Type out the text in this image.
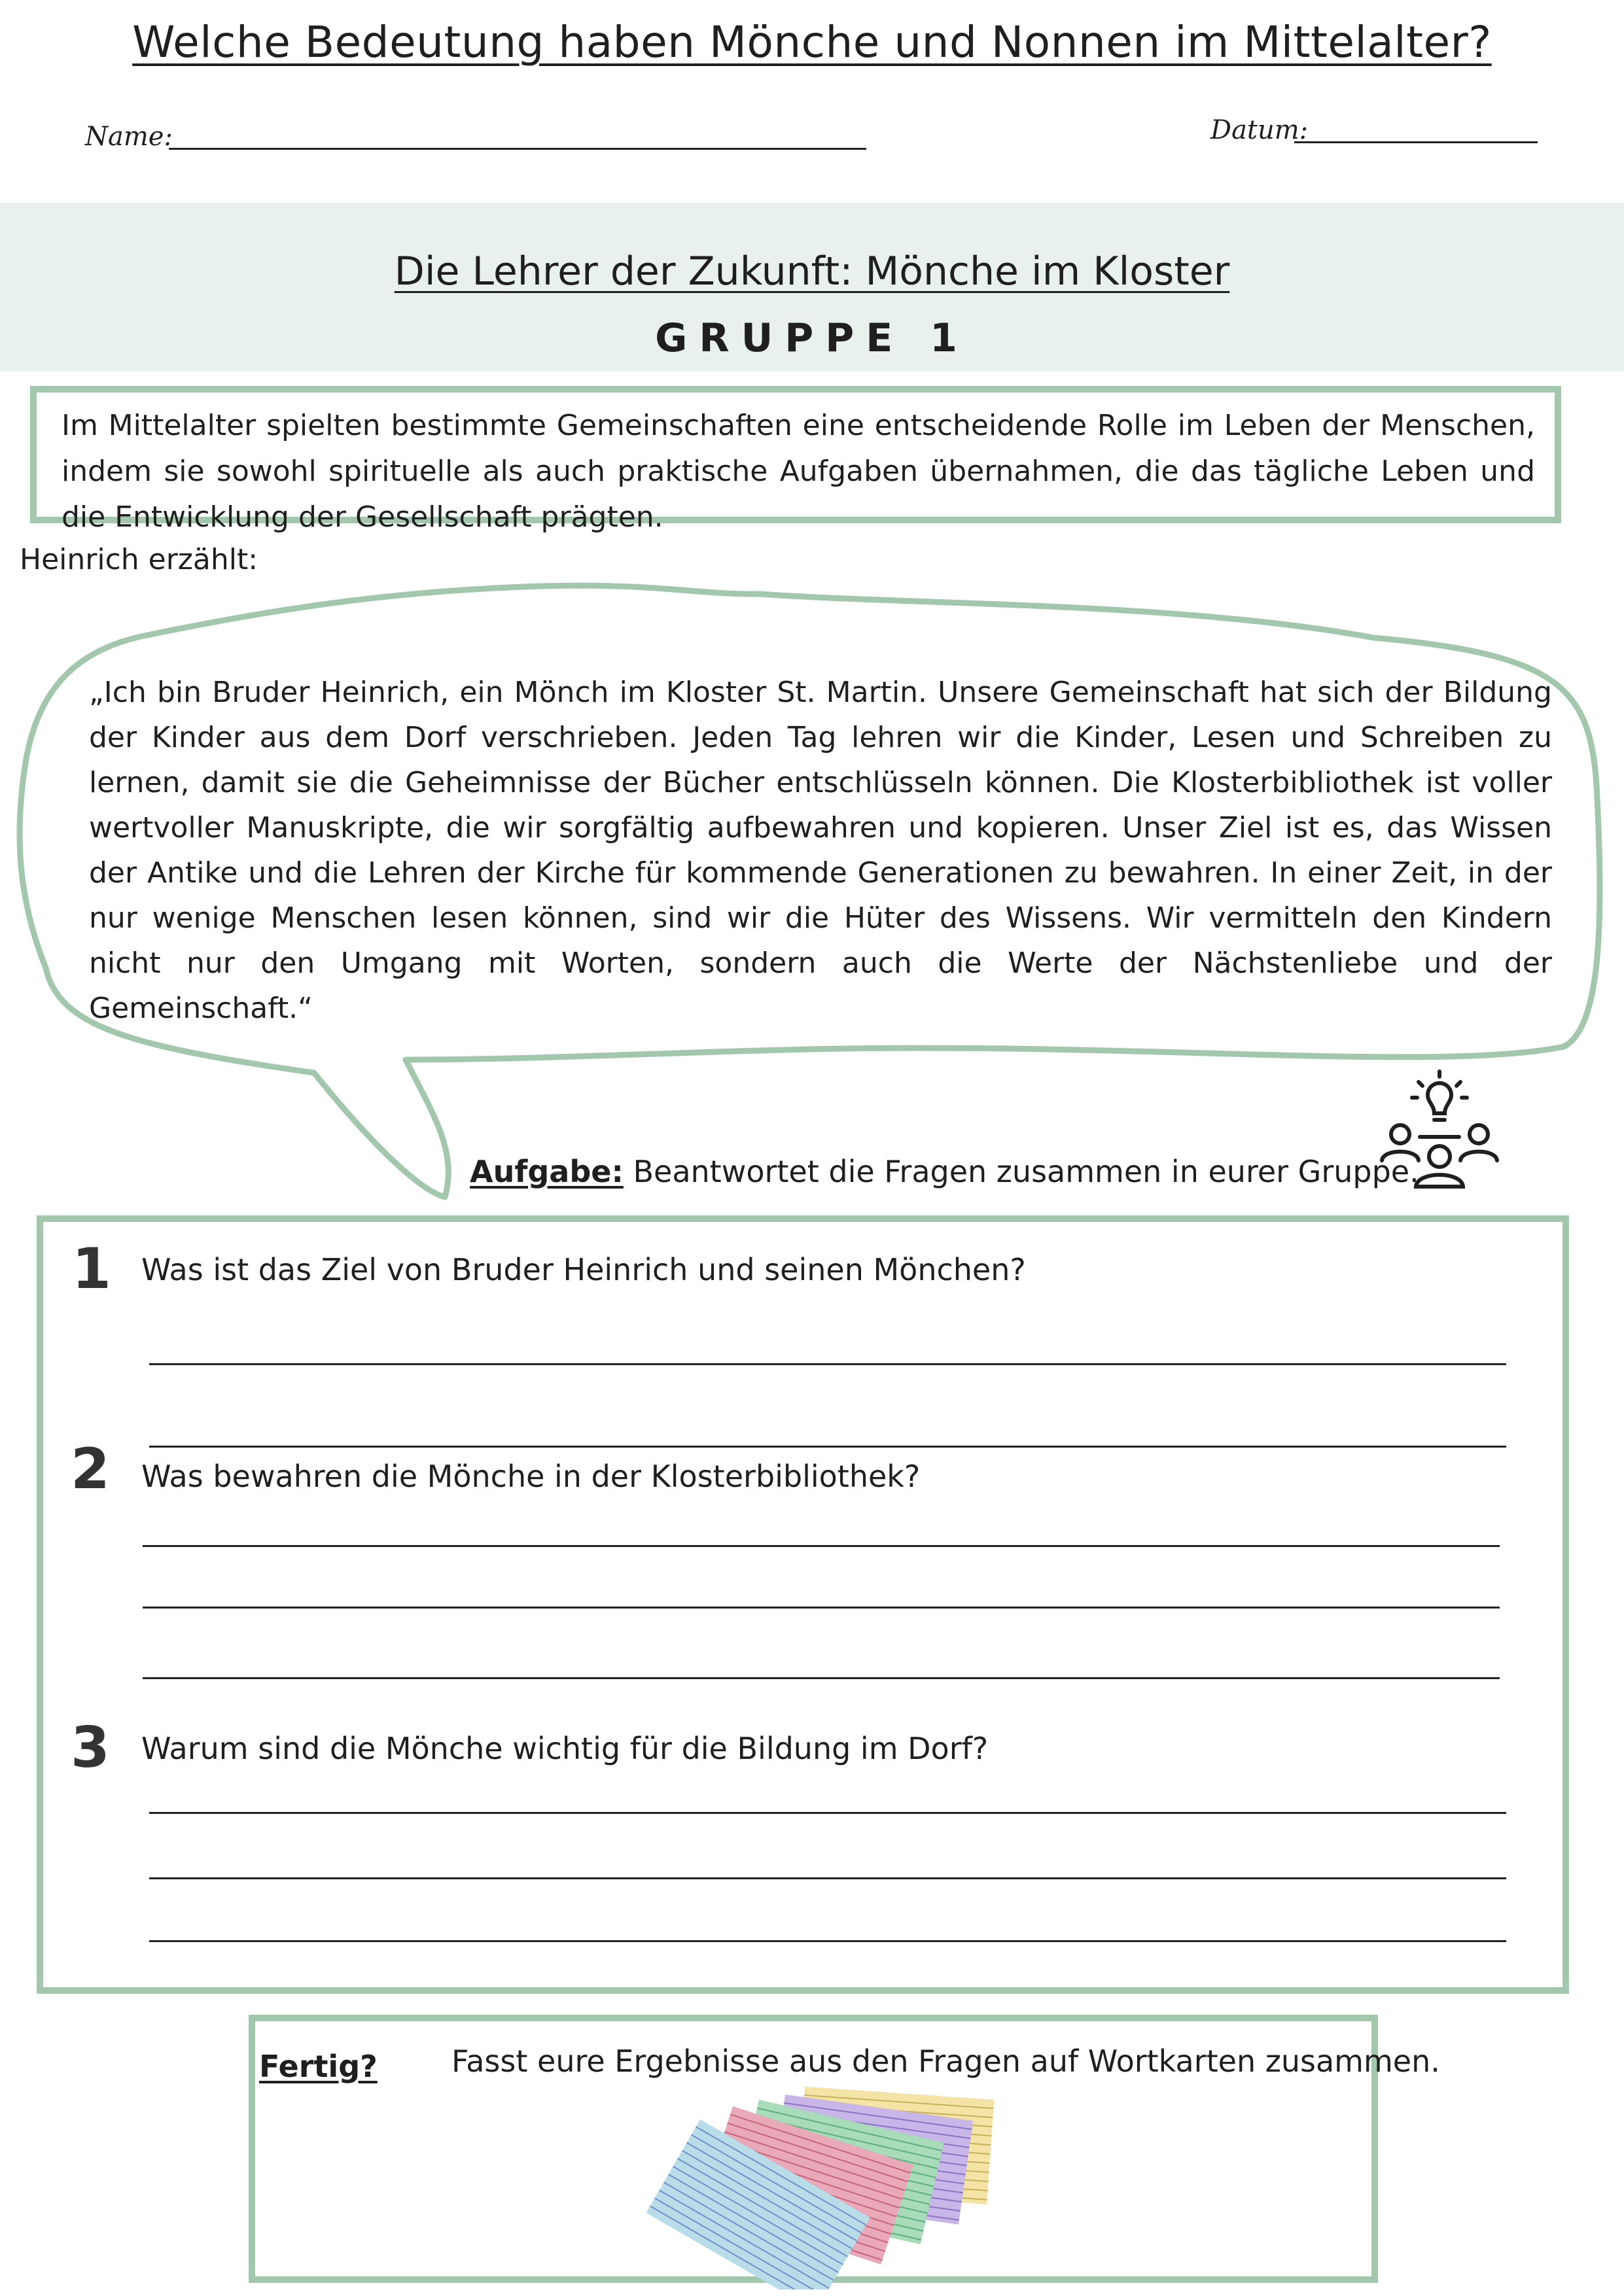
Welche Bedeutung haben Mönche und Nonnen im Mittelalter?
Name:	Datum:
Die Lehrer der Zukunft: Mönche im Kloster
GRUPPE 1
Im Mittelalter spielten bestimmte Gemeinschaften eine entscheidende Rolle im Leben der Menschen, indem sie sowohl spirituelle als auch praktische Aufgaben übernahmen, die das tägliche Leben und die Entwicklung der Gesellschaft prägten.
Heinrich erzählt:
„Ich bin Bruder Heinrich, ein Mönch im Kloster St. Martin. Unsere Gemeinschaft hat sich der Bildung der Kinder aus dem Dorf verschrieben. Jeden Tag lehren wir die Kinder, Lesen und Schreiben zu lernen, damit sie die Geheimnisse der Bücher entschlüsseln können. Die Klosterbibliothek ist voller wertvoller Manuskripte, die wir sorgfältig aufbewahren und kopieren. Unser Ziel ist es, das Wissen der Antike und die Lehren der Kirche für kommende Generationen zu bewahren. In einer Zeit, in der nur wenige Menschen lesen können, sind wir die Hüter des Wissens. Wir vermitteln den Kindern nicht nur den Umgang mit Worten, sondern auch die Werte der Nächstenliebe und der Gemeinschaft.“
Aufgabe: Beantwortet die Fragen zusammen in eurer Gruppe.
1 Was ist das Ziel von Bruder Heinrich und seinen Mönchen?
2 Was bewahren die Mönche in der Klosterbibliothek?
3 Warum sind die Mönche wichtig für die Bildung im Dorf?
Fertig? Fasst eure Ergebnisse aus den Fragen auf Wortkarten zusammen.
